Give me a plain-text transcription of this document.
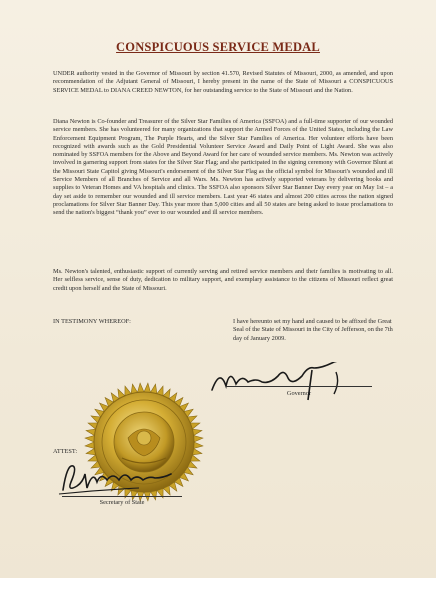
CONSPICUOUS SERVICE MEDAL
UNDER authority vested in the Governor of Missouri by section 41.570, Revised Statutes of Missouri, 2000, as amended, and upon recommendation of the Adjutant General of Missouri, I hereby present in the name of the State of Missouri a CONSPICUOUS SERVICE MEDAL to DIANA CREED NEWTON, for her outstanding service to the State of Missouri and the Nation.
Diana Newton is Co-founder and Treasurer of the Silver Star Families of America (SSFOA) and a full-time supporter of our wounded service members. She has volunteered for many organizations that support the Armed Forces of the United States, including the Law Enforcement Equipment Program, The Purple Hearts, and the Silver Star Families of America. Her volunteer efforts have been recognized with awards such as the Gold Presidential Volunteer Service Award and Daily Point of Light Award. She was also nominated by SSFOA members for the Above and Beyond Award for her care of wounded service members. Ms. Newton was actively involved in garnering support from states for the Silver Star Flag; and she participated in the signing ceremony with Governor Blunt at the Missouri State Capitol giving Missouri's endorsement of the Silver Star Flag as the official symbol for Missouri's wounded and ill Service Members of all Branches of Service and all Wars. Ms. Newton has actively supported veterans by delivering books and supplies to Veteran Homes and VA hospitals and clinics. The SSFOA also sponsors Silver Star Banner Day every year on May 1st – a day set aside to remember our wounded and ill service members. Last year 46 states and almost 200 cities across the nation signed proclamations for Silver Star Banner Day. This year more than 5,000 cities and all 50 states are being asked to issue proclamations to send the nation's biggest “thank you” ever to our wounded and ill service members.
Ms. Newton's talented, enthusiastic support of currently serving and retired service members and their families is motivating to all. Her selfless service, sense of duty, dedication to military support, and exemplary assistance to the citizens of Missouri reflect great credit upon herself and the State of Missouri.
IN TESTIMONY WHEREOF:	I have hereunto set my hand and caused to be affixed the Great Seal of the State of Missouri in the City of Jefferson, on the 7th day of January 2009.
Governor
ATTEST:
Secretary of State
